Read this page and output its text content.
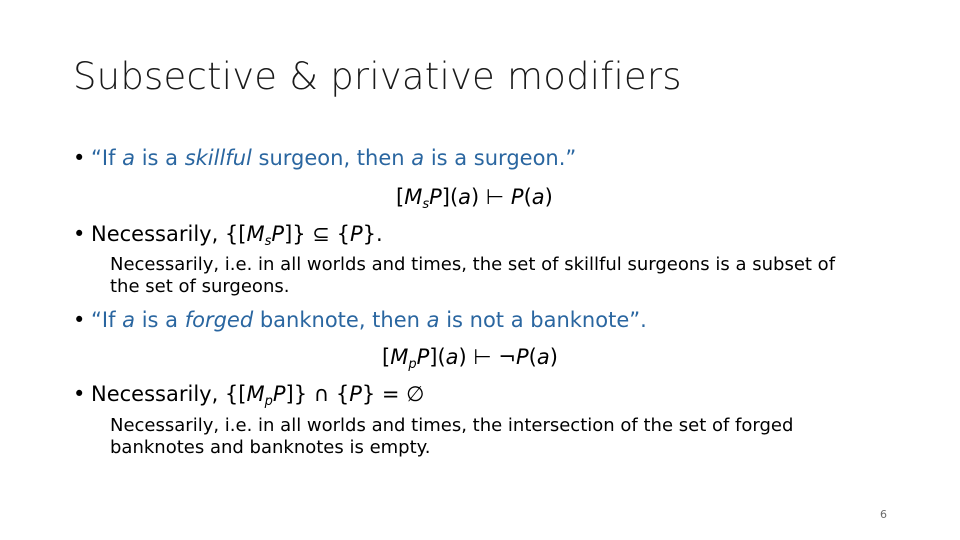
Subsective & privative modifiers
• “If a is a skillful surgeon, then a is a surgeon.”
$[M_sP](a)$ ⊢ P(a)
• Necessarily, $\{[M_sP]\}$ ⊆ {P}.
Necessarily, i.e. in all worlds and times, the set of skillful surgeons is a subset of
the set of surgeons.
• “If a is a forged banknote, then a is not a banknote”.
$[M_pP](a)$ ⊢ ¬P(a)
• Necessarily, $\{[M_pP]\}$ ∩ {P} = ∅
Necessarily, i.e. in all worlds and times, the intersection of the set of forged
banknotes and banknotes is empty.
6
